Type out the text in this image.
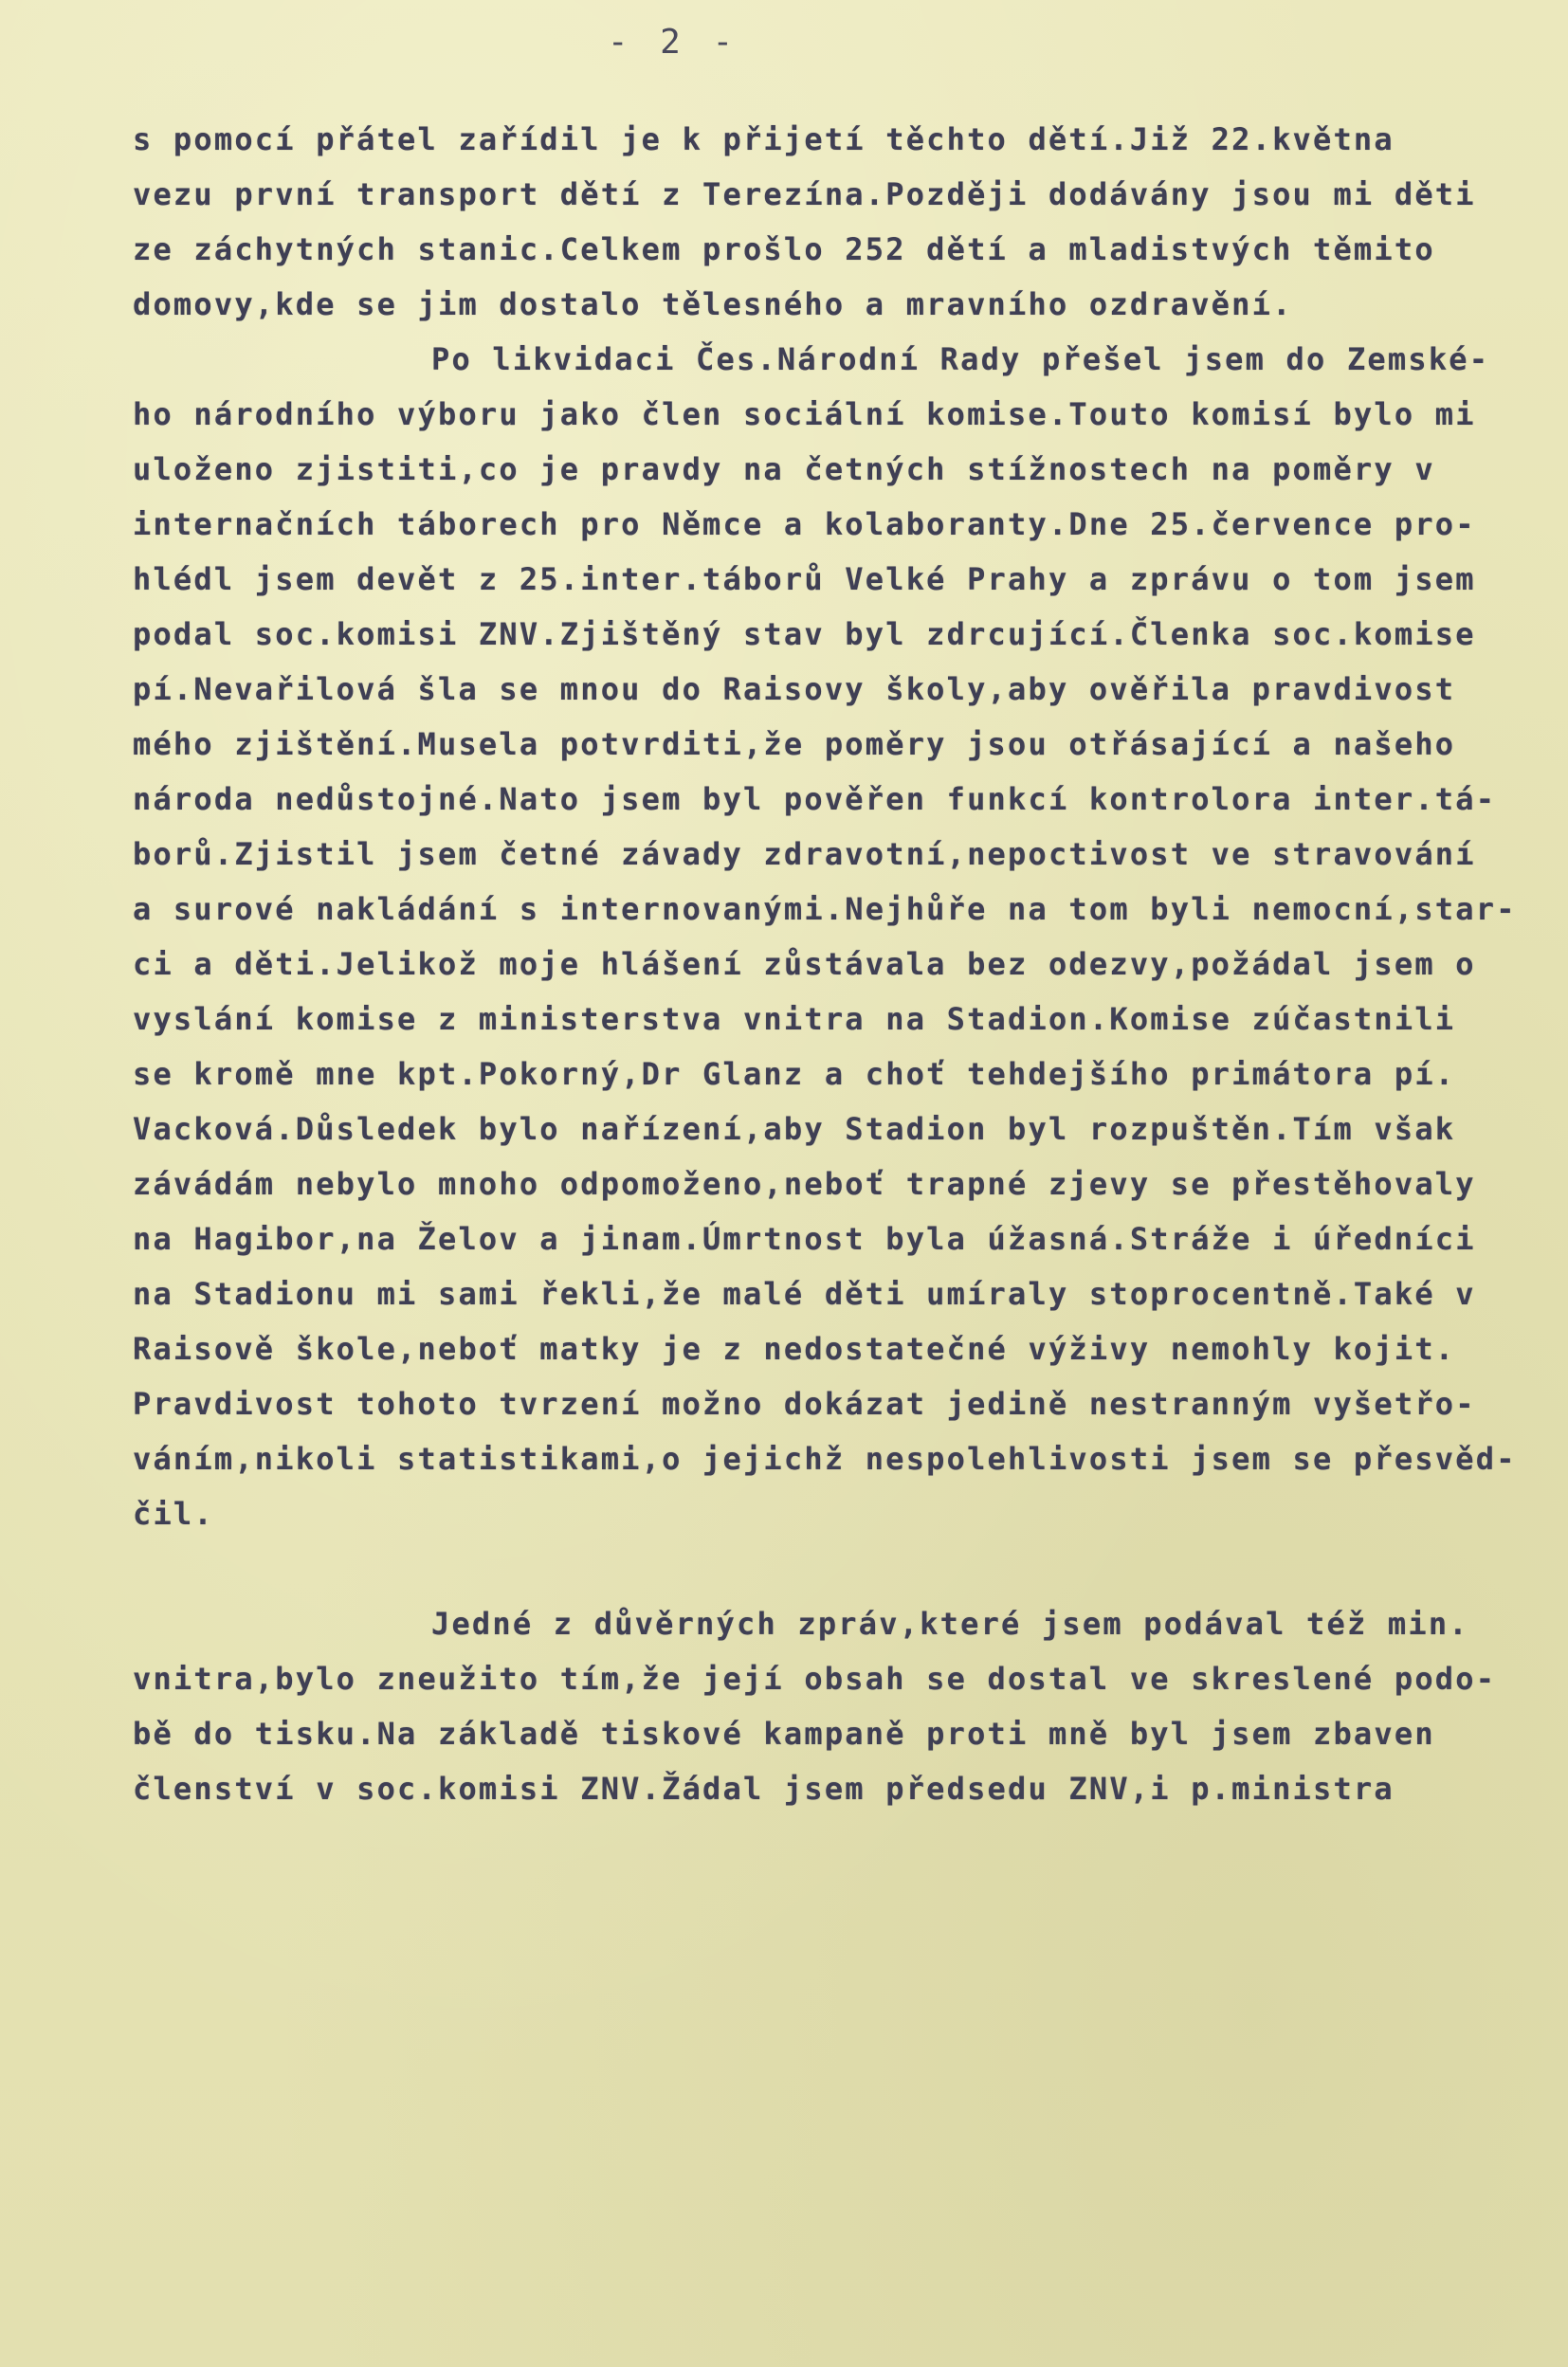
- 2 -
s pomocí přátel zařídil je k přijetí těchto dětí.Již 22.května
vezu první transport dětí z Terezína.Později dodávány jsou mi děti
ze záchytných stanic.Celkem prošlo 252 dětí a mladistvých těmito
domovy,kde se jim dostalo tělesného a mravního ozdravění.
Po likvidaci Čes.Národní Rady přešel jsem do Zemské-
ho národního výboru jako člen sociální komise.Touto komisí bylo mi
uloženo zjistiti,co je pravdy na četných stížnostech na poměry v
internačních táborech pro Němce a kolaboranty.Dne 25.července pro-
hlédl jsem devět z 25.inter.táborů Velké Prahy a zprávu o tom jsem
podal soc.komisi ZNV.Zjištěný stav byl zdrcující.Členka soc.komise
pí.Nevařilová šla se mnou do Raisovy školy,aby ověřila pravdivost
mého zjištění.Musela potvrditi,že poměry jsou otřásající a našeho
národa nedůstojné.Nato jsem byl pověřen funkcí kontrolora inter.tá-
borů.Zjistil jsem četné závady zdravotní,nepoctivost ve stravování
a surové nakládání s internovanými.Nejhůře na tom byli nemocní,star-
ci a děti.Jelikož moje hlášení zůstávala bez odezvy,požádal jsem o
vyslání komise z ministerstva vnitra na Stadion.Komise zúčastnili
se kromě mne kpt.Pokorný,Dr Glanz a choť tehdejšího primátora pí.
Vacková.Důsledek bylo nařízení,aby Stadion byl rozpuštěn.Tím však
závádám nebylo mnoho odpomoženo,neboť trapné zjevy se přestěhovaly
na Hagibor,na Želov a jinam.Úmrtnost byla úžasná.Stráže i úředníci
na Stadionu mi sami řekli,že malé děti umíraly stoprocentně.Také v
Raisově škole,neboť matky je z nedostatečné výživy nemohly kojit.
Pravdivost tohoto tvrzení možno dokázat jedině nestranným vyšetřo-
váním,nikoli statistikami,o jejichž nespolehlivosti jsem se přesvěd-
čil.
Jedné z důvěrných zpráv,které jsem podával též min.
vnitra,bylo zneužito tím,že její obsah se dostal ve skreslené podo-
bě do tisku.Na základě tiskové kampaně proti mně byl jsem zbaven
členství v soc.komisi ZNV.Žádal jsem předsedu ZNV,i p.ministra
